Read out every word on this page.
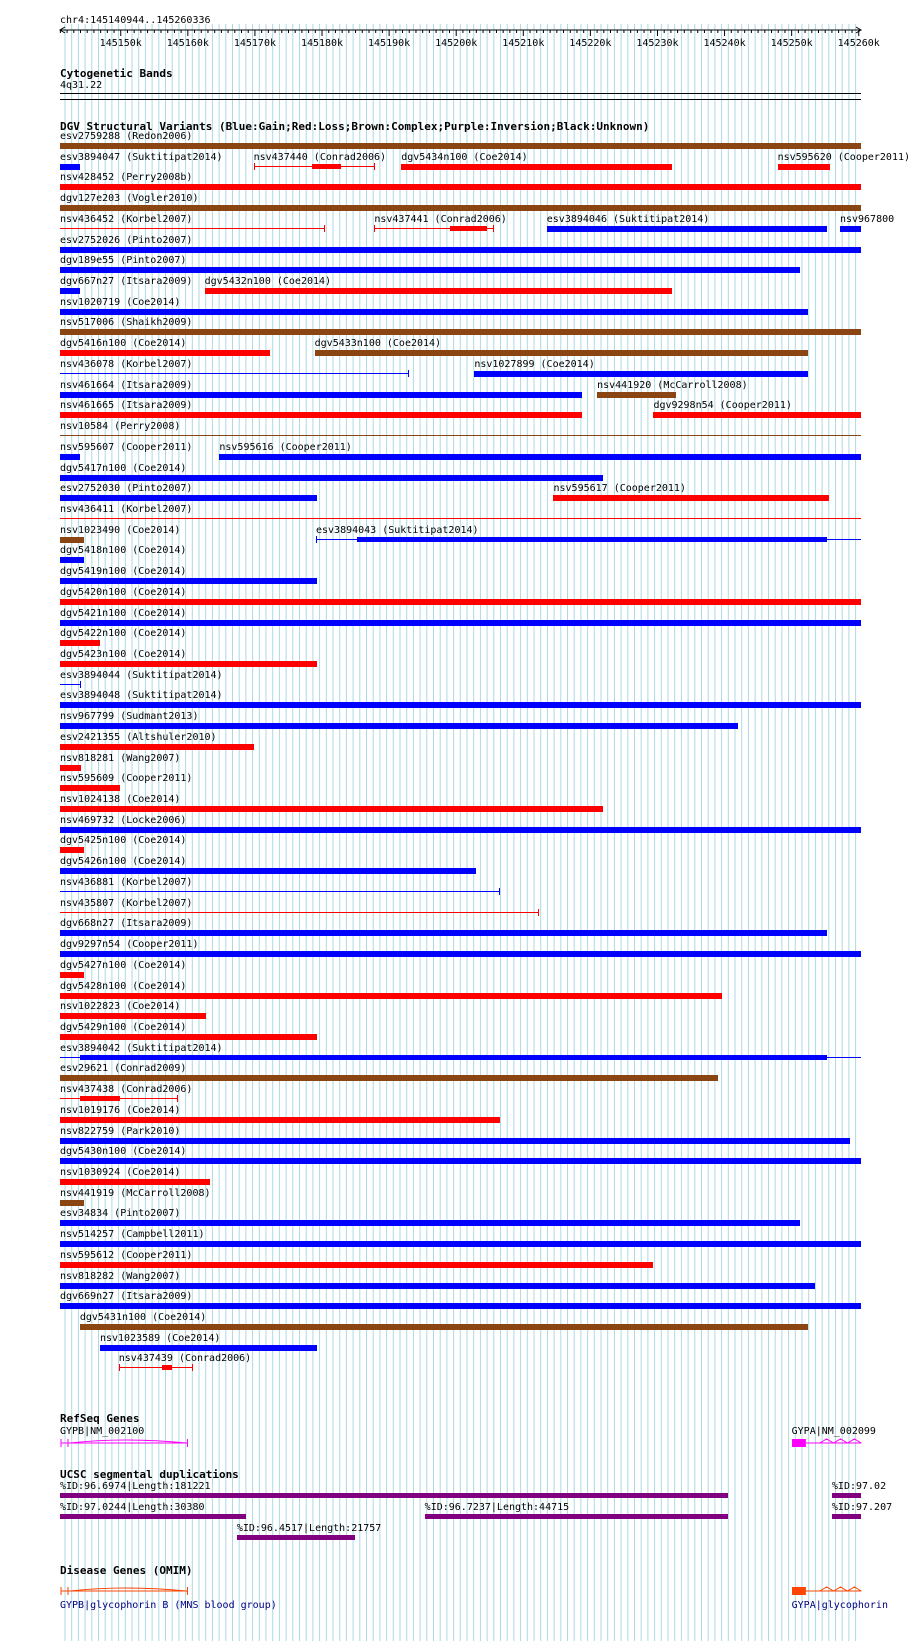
145150k 145160k 145170k 145180k 145190k 145200k 145210k 145220k 145230k 145240k 145250k 145260k
chr4:145140944..145260336
Cytogenetic Bands
4q31.22
DGV Structural Variants (Blue:Gain;Red:Loss;Brown:Complex;Purple:Inversion;Black:Unknown)
RefSeq Genes
UCSC segmental duplications
Disease Genes (OMIM)
esv2759288 (Redon2006)
esv3894047 (Suktitipat2014)	nsv437440 (Conrad2006) dgv5434n100 (Coe2014)	nsv595620 (Cooper2011)
nsv428452 (Perry2008b)
dgv127e203 (Vogler2010)
nsv436452 (Korbel2007)	nsv437441 (Conrad2006)	esv3894046 (Suktitipat2014)	nsv967800
esv2752026 (Pinto2007)
dgv189e55 (Pinto2007)
dgv667n27 (Itsara2009) dgv5432n100 (Coe2014)
nsv1020719 (Coe2014)
nsv517006 (Shaikh2009)
dgv5416n100 (Coe2014)	dgv5433n100 (Coe2014)
nsv436078 (Korbel2007)	nsv1027899 (Coe2014)
nsv461664 (Itsara2009)	nsv441920 (McCarroll2008)
nsv461665 (Itsara2009)	dgv9298n54 (Cooper2011)
nsv10584 (Perry2008)
nsv595607 (Cooper2011)	nsv595616 (Cooper2011)
dgv5417n100 (Coe2014)
esv2752030 (Pinto2007)	nsv595617 (Cooper2011)
nsv436411 (Korbel2007)
nsv1023490 (Coe2014)	esv3894043 (Suktitipat2014)
dgv5418n100 (Coe2014)
dgv5419n100 (Coe2014)
dgv5420n100 (Coe2014)
dgv5421n100 (Coe2014)
dgv5422n100 (Coe2014)
dgv5423n100 (Coe2014)
esv3894044 (Suktitipat2014)
esv3894048 (Suktitipat2014)
nsv967799 (Sudmant2013)
esv2421355 (Altshuler2010)
nsv818281 (Wang2007)
nsv595609 (Cooper2011)
nsv1024138 (Coe2014)
nsv469732 (Locke2006)
dgv5425n100 (Coe2014)
dgv5426n100 (Coe2014)
nsv436881 (Korbel2007)
nsv435807 (Korbel2007)
dgv668n27 (Itsara2009)
dgv9297n54 (Cooper2011)
dgv5427n100 (Coe2014)
dgv5428n100 (Coe2014)
nsv1022823 (Coe2014)
dgv5429n100 (Coe2014)
esv3894042 (Suktitipat2014)
esv29621 (Conrad2009)
nsv437438 (Conrad2006)
nsv1019176 (Coe2014)
nsv822759 (Park2010)
dgv5430n100 (Coe2014)
nsv1030924 (Coe2014)
nsv441919 (McCarroll2008)
esv34834 (Pinto2007)
nsv514257 (Campbell2011)
nsv595612 (Cooper2011)
nsv818282 (Wang2007)
dgv669n27 (Itsara2009)
dgv5431n100 (Coe2014)
nsv1023589 (Coe2014)
nsv437439 (Conrad2006)
GYPB|NM_002100	GYPA|NM_002099
%ID:96.6974|Length:181221	%ID:97.02
%ID:97.0244|Length:30380	%ID:96.7237|Length:44715	%ID:97.207
%ID:96.4517|Length:21757
GYPB|glycophorin B (MNS blood group)	GYPA|glycophorin
